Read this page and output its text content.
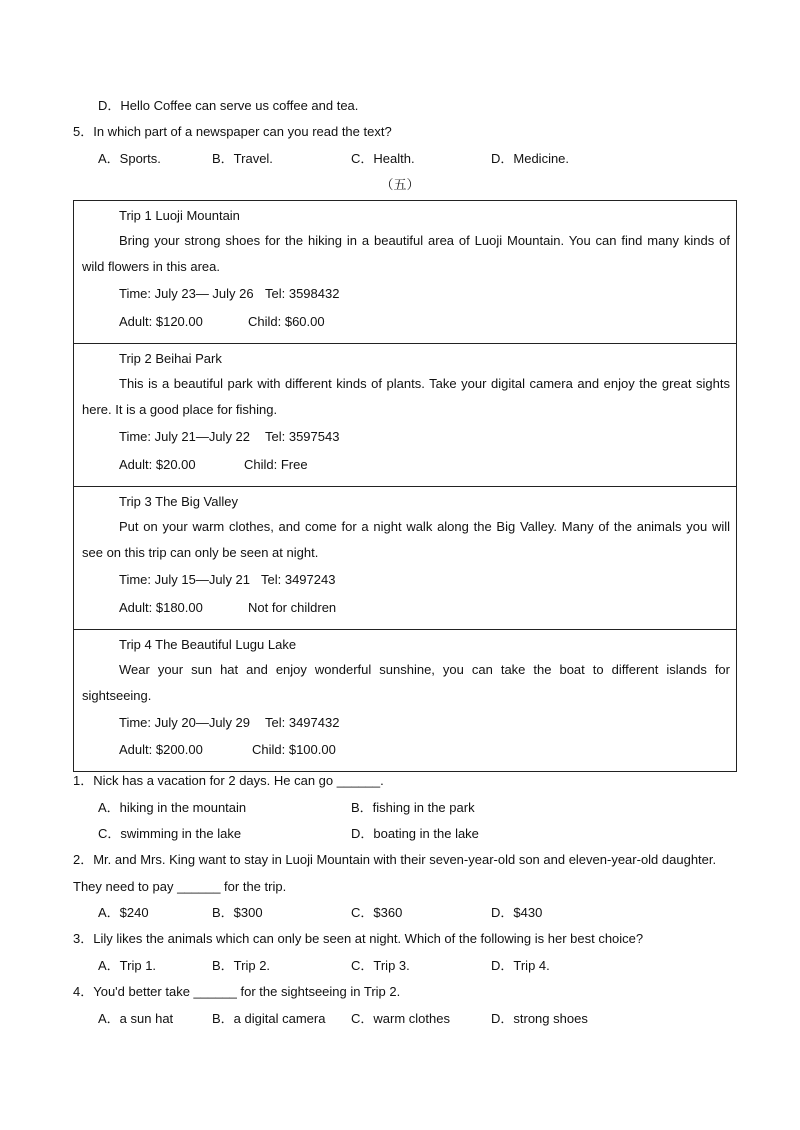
D．Hello Coffee can serve us coffee and tea.
5．In which part of a newspaper can you read the text?
A．Sports.	B．Travel.	C．Health.	D．Medicine.
（五）
Trip 1 Luoji Mountain
Bring your strong shoes for the hiking in a beautiful area of Luoji Mountain. You can find many kinds of wild flowers in this area.
Time: July 23— July 26 Tel: 3598432
Adult: $120.00	Child: $60.00
Trip 2 Beihai Park
This is a beautiful park with different kinds of plants. Take your digital camera and enjoy the great sights here. It is a good place for fishing.
Time: July 21—July 22 Tel: 3597543
Adult: $20.00	Child: Free
Trip 3 The Big Valley
Put on your warm clothes, and come for a night walk along the Big Valley. Many of the animals you will see on this trip can only be seen at night.
Time: July 15—July 21 Tel: 3497243
Adult: $180.00	Not for children
Trip 4 The Beautiful Lugu Lake
Wear your sun hat and enjoy wonderful sunshine, you can take the boat to different islands for sightseeing.
Time: July 20—July 29 Tel: 3497432
Adult: $200.00	Child: $100.00
1．Nick has a vacation for 2 days. He can go ______.
A．hiking in the mountain	B．fishing in the park
C．swimming in the lake	D．boating in the lake
2．Mr. and Mrs. King want to stay in Luoji Mountain with their seven-year-old son and eleven-year-old daughter.
They need to pay ______ for the trip.
A．$240	B．$300	C．$360	D．$430
3．Lily likes the animals which can only be seen at night. Which of the following is her best choice?
A．Trip 1.	B．Trip 2.	C．Trip 3.	D．Trip 4.
4．You'd better take ______ for the sightseeing in Trip 2.
A．a sun hat	B．a digital camera C．warm clothes	D．strong shoes
